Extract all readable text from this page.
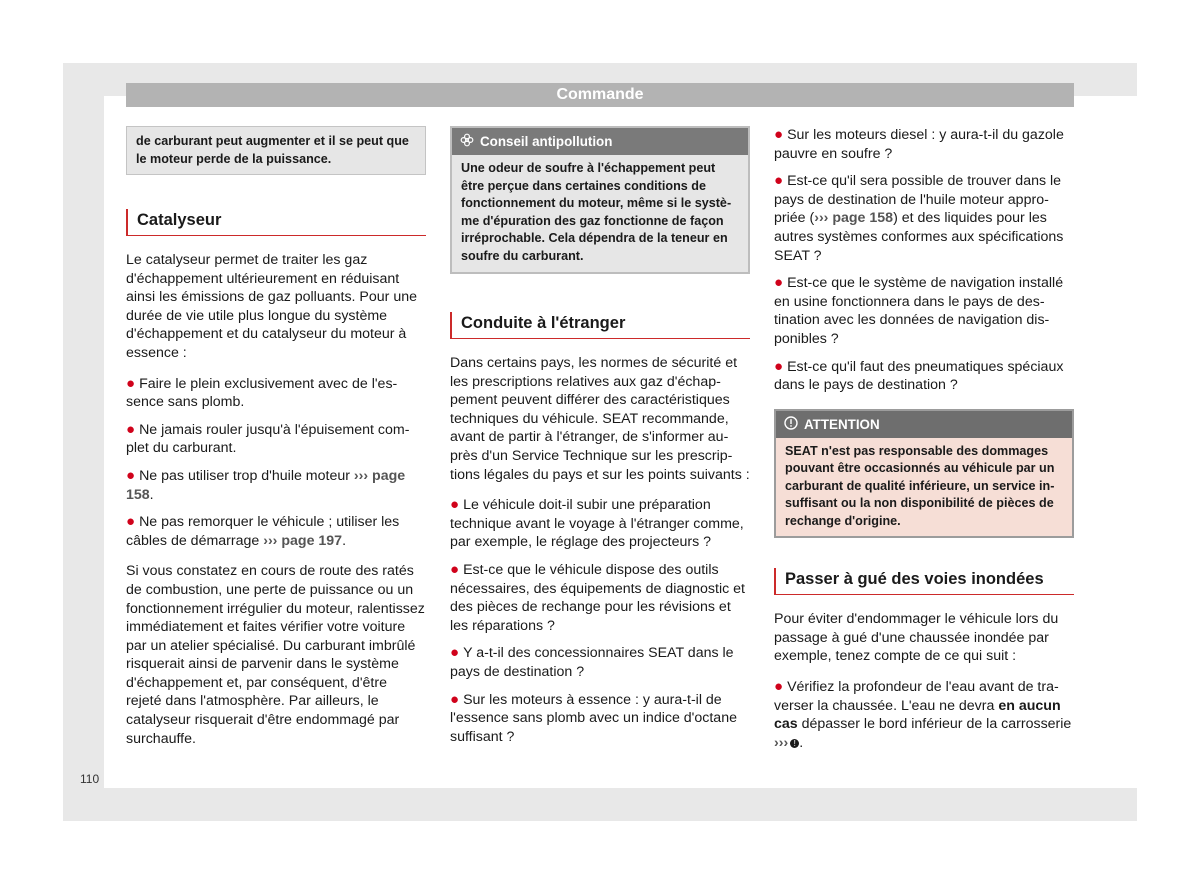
Commande
de carburant peut augmenter et il se peut que le moteur perde de la puissance.
Catalyseur

Le catalyseur permet de traiter les gaz d'échappement ultérieurement en réduisant ainsi les émissions de gaz polluants. Pour une durée de vie utile plus longue du système d'échappement et du catalyseur du moteur à essence :

● Faire le plein exclusivement avec de l'essence sans plomb.

● Ne jamais rouler jusqu'à l'épuisement complet du carburant.

● Ne pas utiliser trop d'huile moteur ››› page 158.

● Ne pas remorquer le véhicule ; utiliser les câbles de démarrage ››› page 197.

Si vous constatez en cours de route des ratés de combustion, une perte de puissance ou un fonctionnement irrégulier du moteur, ralentissez immédiatement et faites vérifier votre voiture par un atelier spécialisé. Du carburant imbrûlé risquerait ainsi de parvenir dans le système d'échappement et, par conséquent, d'être rejeté dans l'atmosphère. Par ailleurs, le catalyseur risquerait d'être endommagé par surchauffe.

Conseil antipollution
Une odeur de soufre à l'échappement peut être perçue dans certaines conditions de fonctionnement du moteur, même si le système d'épuration des gaz fonctionne de façon irréprochable. Cela dépendra de la teneur en soufre du carburant.
Conduite à l'étranger

Dans certains pays, les normes de sécurité et les prescriptions relatives aux gaz d'échappement peuvent différer des caractéristiques techniques du véhicule. SEAT recommande, avant de partir à l'étranger, de s'informer auprès d'un Service Technique sur les prescriptions légales du pays et sur les points suivants :

● Le véhicule doit-il subir une préparation technique avant le voyage à l'étranger comme, par exemple, le réglage des projecteurs ?

● Est-ce que le véhicule dispose des outils nécessaires, des équipements de diagnostic et des pièces de rechange pour les révisions et les réparations ?

● Y a-t-il des concessionnaires SEAT dans le pays de destination ?

● Sur les moteurs à essence : y aura-t-il de l'essence sans plomb avec un indice d'octane suffisant ?

● Sur les moteurs diesel : y aura-t-il du gazole pauvre en soufre ?

● Est-ce qu'il sera possible de trouver dans le pays de destination de l'huile moteur appropriée (››› page 158) et des liquides pour les autres systèmes conformes aux spécifications SEAT ?

● Est-ce que le système de navigation installé en usine fonctionnera dans le pays de destination avec les données de navigation disponibles ?

● Est-ce qu'il faut des pneumatiques spéciaux dans le pays de destination ?

ATTENTION
SEAT n'est pas responsable des dommages pouvant être occasionnés au véhicule par un carburant de qualité inférieure, un service insuffisant ou la non disponibilité de pièces de rechange d'origine.
Passer à gué des voies inondées

Pour éviter d'endommager le véhicule lors du passage à gué d'une chaussée inondée par exemple, tenez compte de ce qui suit :

● Vérifiez la profondeur de l'eau avant de traverser la chaussée. L'eau ne devra en aucun cas dépasser le bord inférieur de la carrosserie ››› ! .

110
